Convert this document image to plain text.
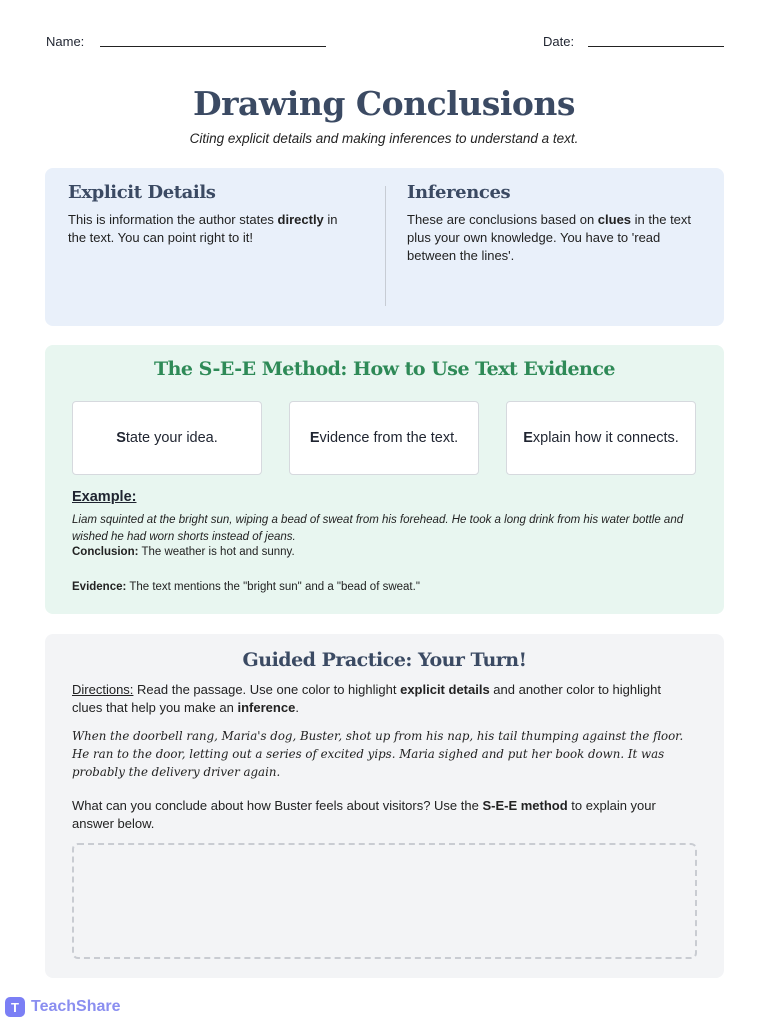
Name:	Date:
Drawing Conclusions

Citing explicit details and making inferences to understand a text.

Explicit Details
This is information the author states directly in the text. You can point right to it!
Inferences
These are conclusions based on clues in the text plus your own knowledge. You have to 'read between the lines'.
The S-E-E Method: How to Use Text Evidence
S tate your idea.	E vidence from the text.	E xplain how it connects.
Example:
Liam squinted at the bright sun, wiping a bead of sweat from his forehead. He took a long drink from his water bottle and wished he had worn shorts instead of jeans.
Conclusion: The weather is hot and sunny.
Evidence: The text mentions the "bright sun" and a "bead of sweat."
Guided Practice: Your Turn!
Directions: Read the passage. Use one color to highlight explicit details and another color to highlight clues that help you make an inference.
When the doorbell rang, Maria's dog, Buster, shot up from his nap, his tail thumping against the floor. He ran to the door, letting out a series of excited yips. Maria sighed and put her book down. It was probably the delivery driver again.
What can you conclude about how Buster feels about visitors? Use the S-E-E method to explain your answer below.
T TeachShare
